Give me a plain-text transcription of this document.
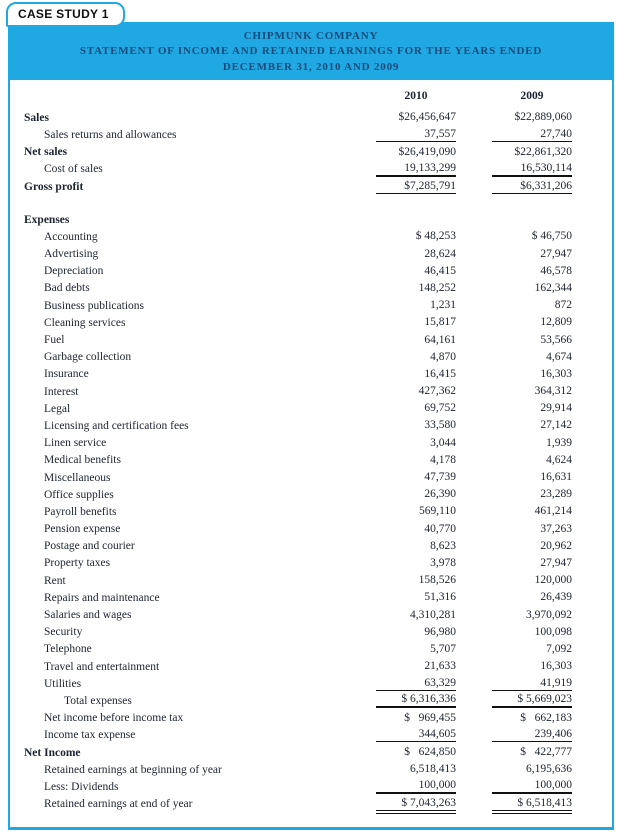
CASE STUDY 1
CHIPMUNK COMPANY
STATEMENT OF INCOME AND RETAINED EARNINGS FOR THE YEARS ENDED
DECEMBER 31, 2010 AND 2009
2010	2009
Sales	$26,456,647	$22,889,060
Sales returns and allowances	37,557	27,740
Net sales	$26,419,090	$22,861,320
Cost of sales	19,133,299	16,530,114
Gross profit	$7,285,791	$6,331,206
Expenses
Accounting	$ 48,253	$ 46,750
Advertising	28,624	27,947
Depreciation	46,415	46,578
Bad debts	148,252	162,344
Business publications	1,231	872
Cleaning services	15,817	12,809
Fuel	64,161	53,566
Garbage collection	4,870	4,674
Insurance	16,415	16,303
Interest	427,362	364,312
Legal	69,752	29,914
Licensing and certification fees	33,580	27,142
Linen service	3,044	1,939
Medical benefits	4,178	4,624
Miscellaneous	47,739	16,631
Office supplies	26,390	23,289
Payroll benefits	569,110	461,214
Pension expense	40,770	37,263
Postage and courier	8,623	20,962
Property taxes	3,978	27,947
Rent	158,526	120,000
Repairs and maintenance	51,316	26,439
Salaries and wages	4,310,281	3,970,092
Security	96,980	100,098
Telephone	5,707	7,092
Travel and entertainment	21,633	16,303
Utilities	63,329	41,919
Total expenses	$ 6,316,336	$ 5,669,023
Net income before income tax	$   969,455	$   662,183
Income tax expense	344,605	239,406
Net Income	$   624,850	$   422,777
Retained earnings at beginning of year	6,518,413	6,195,636
Less: Dividends	100,000	100,000
Retained earnings at end of year	$ 7,043,263	$ 6,518,413
